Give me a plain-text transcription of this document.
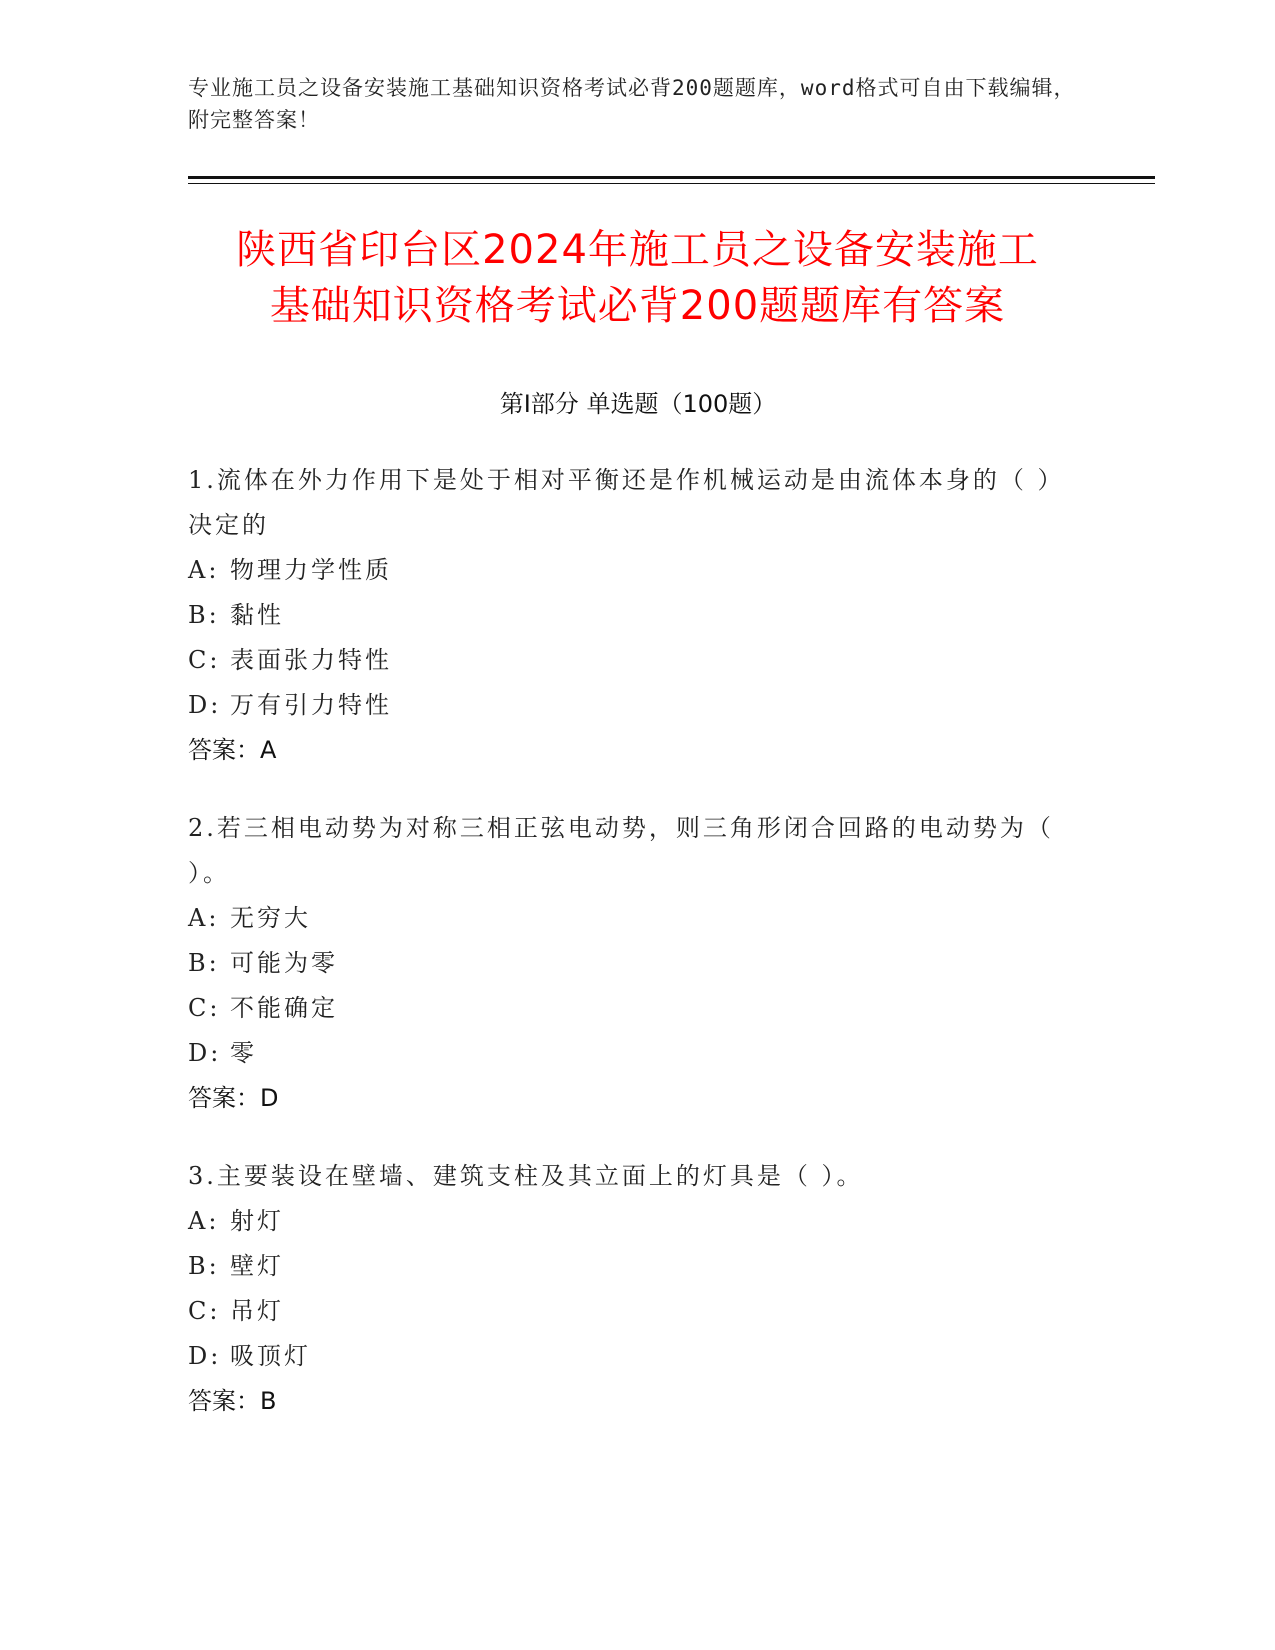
专业施工员之设备安装施工基础知识资格考试必背200题题库，word格式可自由下载编辑，附完整答案！
陕西省印台区2024年施工员之设备安装施工
基础知识资格考试必背200题题库有答案
第Ⅰ部分 单选题（100题）
1.流体在外力作用下是处于相对平衡还是作机械运动是由流体本身的（ ）决定的
A: 物理力学性质
B: 黏性
C: 表面张力特性
D: 万有引力特性
答案：A
2.若三相电动势为对称三相正弦电动势，则三角形闭合回路的电动势为（ ）。
A: 无穷大
B: 可能为零
C: 不能确定
D: 零
答案：D
3.主要装设在壁墙、建筑支柱及其立面上的灯具是（ ）。
A: 射灯
B: 壁灯
C: 吊灯
D: 吸顶灯
答案：B
